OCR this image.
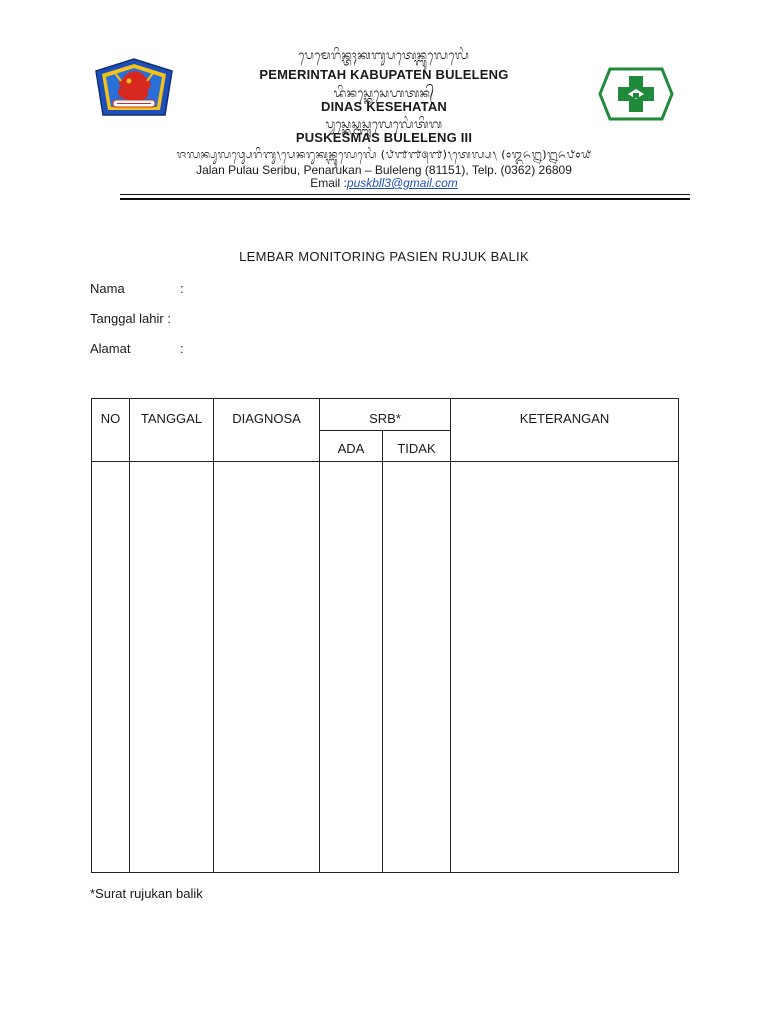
ᬧᬾᬫᬾᬭᬶᬦ᭄ᬢᬄᬓᬩᬸᬧᬢᬾᬦ᭄ᬩᬸᬮᬾᬮᬾᬂ
PEMERINTAH KABUPATEN BULELENG
ᬤᬶᬦᬲ᭄ᬓᬾᬲᬾᬳᬢᬦ᭄
DINAS KESEHATAN
ᬧᬸᬲ᭄ᬓᬾᬲ᭄ᬫᬲ᭄ᬩᬸᬮᬾᬮᬾᬂᬢᬶᬕ
PUSKESMAS BULELENG III
ᬚᬮᬦ᭄ᬧᬸᬮᬯ᭄ᬲᬾᬭᬶᬩᬸ᭞ᬧᬾᬦᬭᬸᬓᬦ᭄ᬩᬸᬮᬾᬮᬾᬂ (᭘᭑᭑᭕᭑)᭞ᬢᬾᬮ᭄ᬧ᭞ (᭐᭓᭖᭒)᭒᭖᭘᭐᭙
Jalan Pulau Seribu, Penarukan – Buleleng (81151), Telp. (0362) 26809
Email :puskbll3@gmail.com
LEMBAR MONITORING PASIEN RUJUK BALIK
Nama	:
Tanggal lahir :
Alamat	:
NO	TANGGAL	DIAGNOSA	SRB*		KETERANGAN
			ADA	TIDAK	

*Surat rujukan balik
